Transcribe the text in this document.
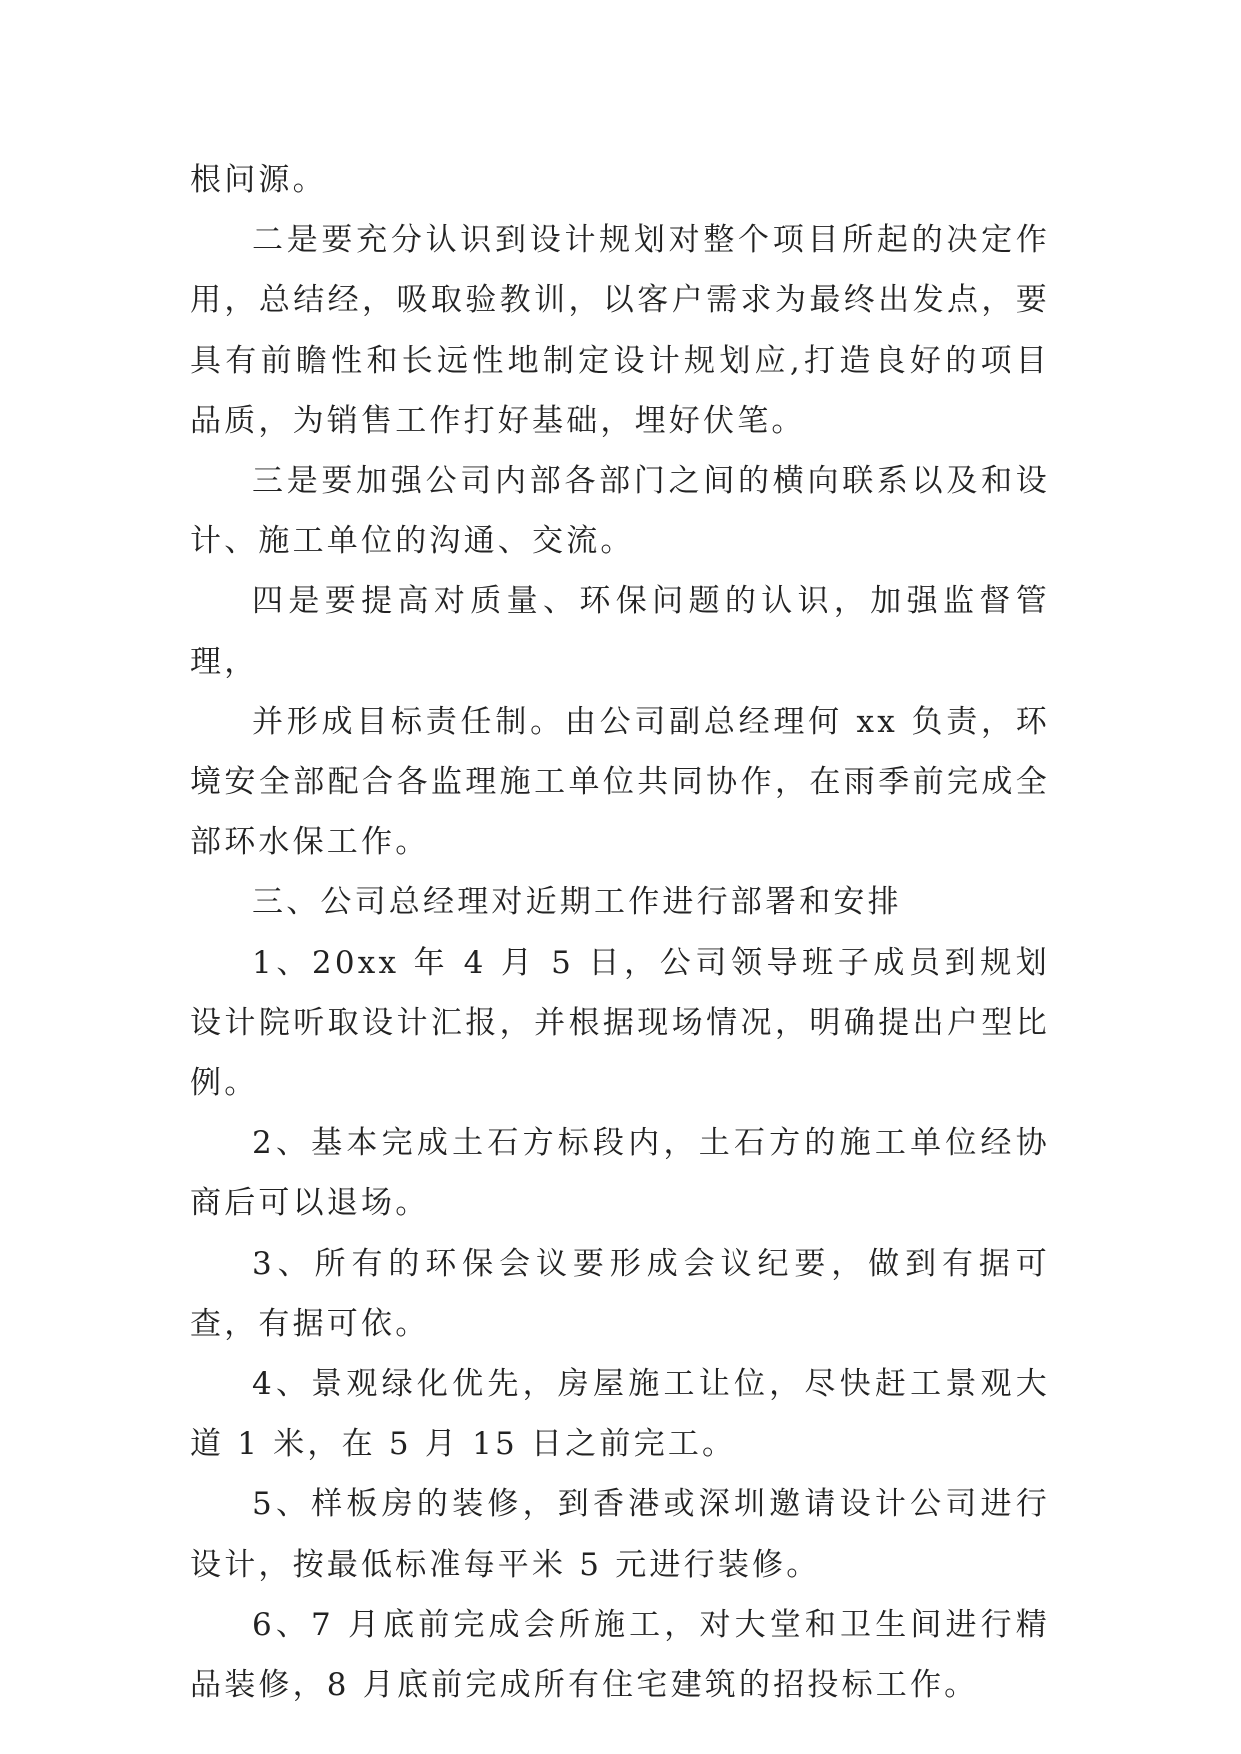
根问源。

二是要充分认识到设计规划对整个项目所起的决定作用，总结经，吸取验教训，以客户需求为最终出发点，要具有前瞻性和长远性地制定设计规划应,打造良好的项目品质，为销售工作打好基础，埋好伏笔。

三是要加强公司内部各部门之间的横向联系以及和设计、施工单位的沟通、交流。

四是要提高对质量、环保问题的认识，加强监督管理，

并形成目标责任制。由公司副总经理何 xx 负责，环境安全部配合各监理施工单位共同协作，在雨季前完成全部环水保工作。

三、公司总经理对近期工作进行部署和安排

1、20xx 年 4 月 5 日，公司领导班子成员到规划设计院听取设计汇报，并根据现场情况，明确提出户型比例。

2、基本完成土石方标段内，土石方的施工单位经协商后可以退场。

3、所有的环保会议要形成会议纪要，做到有据可查，有据可依。

4、景观绿化优先，房屋施工让位，尽快赶工景观大道 1 米，在 5 月 15 日之前完工。

5、样板房的装修，到香港或深圳邀请设计公司进行设计，按最低标准每平米 5 元进行装修。

6、7 月底前完成会所施工，对大堂和卫生间进行精品装修，8 月底前完成所有住宅建筑的招投标工作。
